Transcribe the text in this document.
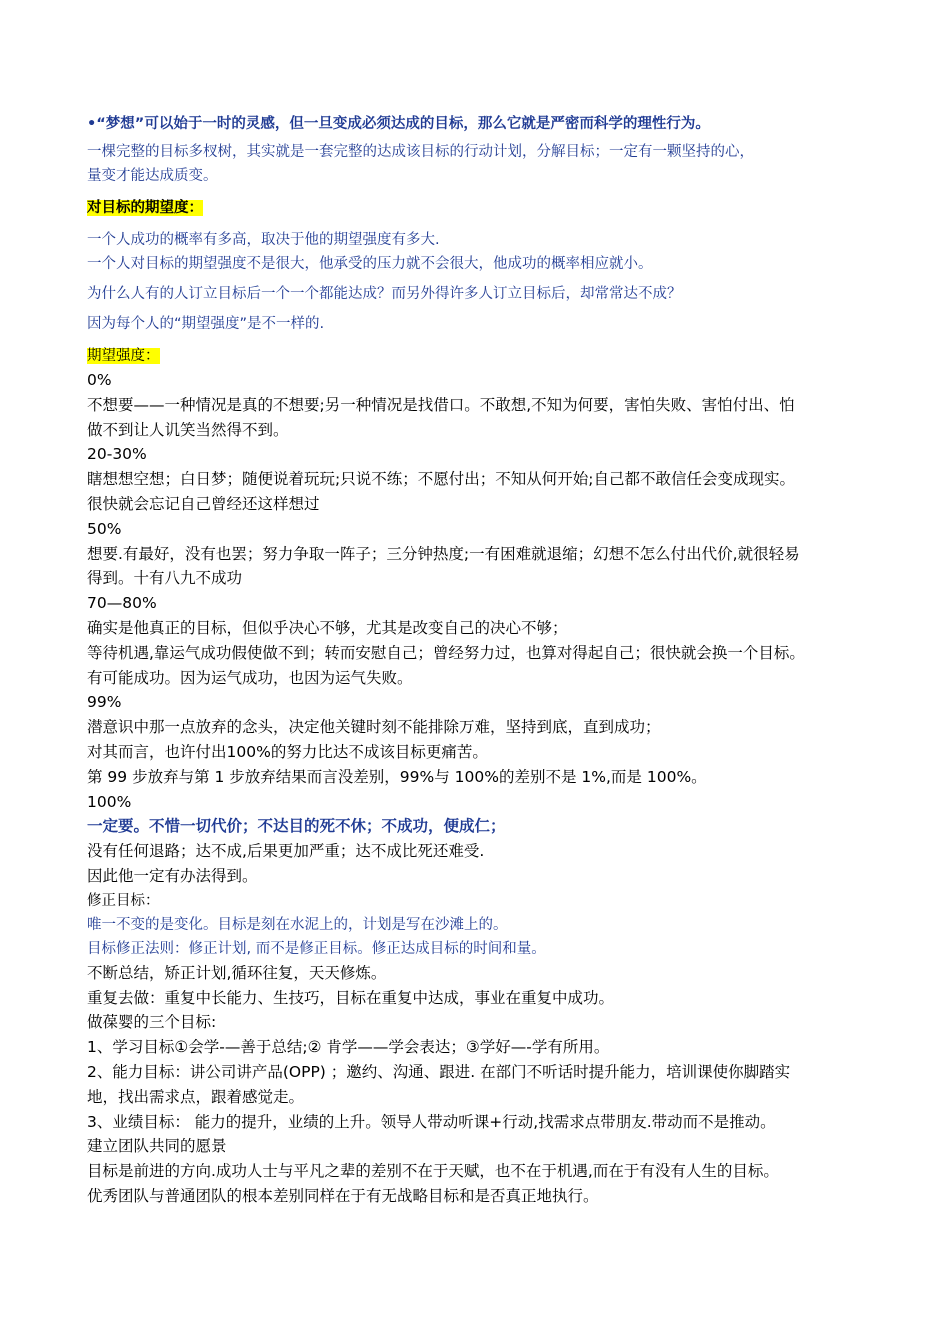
•“梦想”可以始于一时的灵感，但一旦变成必须达成的目标，那么它就是严密而科学的理性行为。
一棵完整的目标多杈树，其实就是一套完整的达成该目标的行动计划，分解目标；一定有一颗坚持的心，
量变才能达成质变。
对目标的期望度：
一个人成功的概率有多高，取决于他的期望强度有多大.
一个人对目标的期望强度不是很大，他承受的压力就不会很大，他成功的概率相应就小。
为什么人有的人订立目标后一个一个都能达成？而另外得许多人订立目标后，却常常达不成？
因为每个人的“期望强度”是不一样的.
期望强度：
0%
不想要——一种情况是真的不想要;另一种情况是找借口。不敢想,不知为何要，害怕失败、害怕付出、怕
做不到让人讥笑当然得不到。
20-30%
瞎想想空想；白日梦；随便说着玩玩;只说不练；不愿付出；不知从何开始;自己都不敢信任会变成现实。
很快就会忘记自己曾经还这样想过
50%
想要.有最好，没有也罢；努力争取一阵子；三分钟热度;一有困难就退缩；幻想不怎么付出代价,就很轻易
得到。十有八九不成功
70—80%
确实是他真正的目标，但似乎决心不够，尤其是改变自己的决心不够；
等待机遇,靠运气成功假使做不到；转而安慰自己；曾经努力过，也算对得起自己；很快就会换一个目标。
有可能成功。因为运气成功，也因为运气失败。
99%
潜意识中那一点放弃的念头，决定他关键时刻不能排除万难，坚持到底，直到成功；
对其而言，也许付出100%的努力比达不成该目标更痛苦。
第 99 步放弃与第 1 步放弃结果而言没差别，99%与 100%的差别不是 1%,而是 100%。
100%
一定要。不惜一切代价；不达目的死不休；不成功，便成仁；
没有任何退路；达不成,后果更加严重；达不成比死还难受.
因此他一定有办法得到。
修正目标：
唯一不变的是变化。目标是刻在水泥上的，计划是写在沙滩上的。
目标修正法则：修正计划, 而不是修正目标。修正达成目标的时间和量。
不断总结，矫正计划,循环往复，天天修炼。
重复去做：重复中长能力、生技巧，目标在重复中达成，事业在重复中成功。
做葆婴的三个目标:
1、学习目标①会学-—善于总结;② 肯学——学会表达；③学好—-学有所用。
2、能力目标：讲公司讲产品(OPP) ；邀约、沟通、跟进. 在部门不听话时提升能力，培训课使你脚踏实
地，找出需求点，跟着感觉走。
3、业绩目标： 能力的提升，业绩的上升。领导人带动听课+行动,找需求点带朋友.带动而不是推动。
建立团队共同的愿景
目标是前进的方向.成功人士与平凡之辈的差别不在于天赋，也不在于机遇,而在于有没有人生的目标。
优秀团队与普通团队的根本差别同样在于有无战略目标和是否真正地执行。
